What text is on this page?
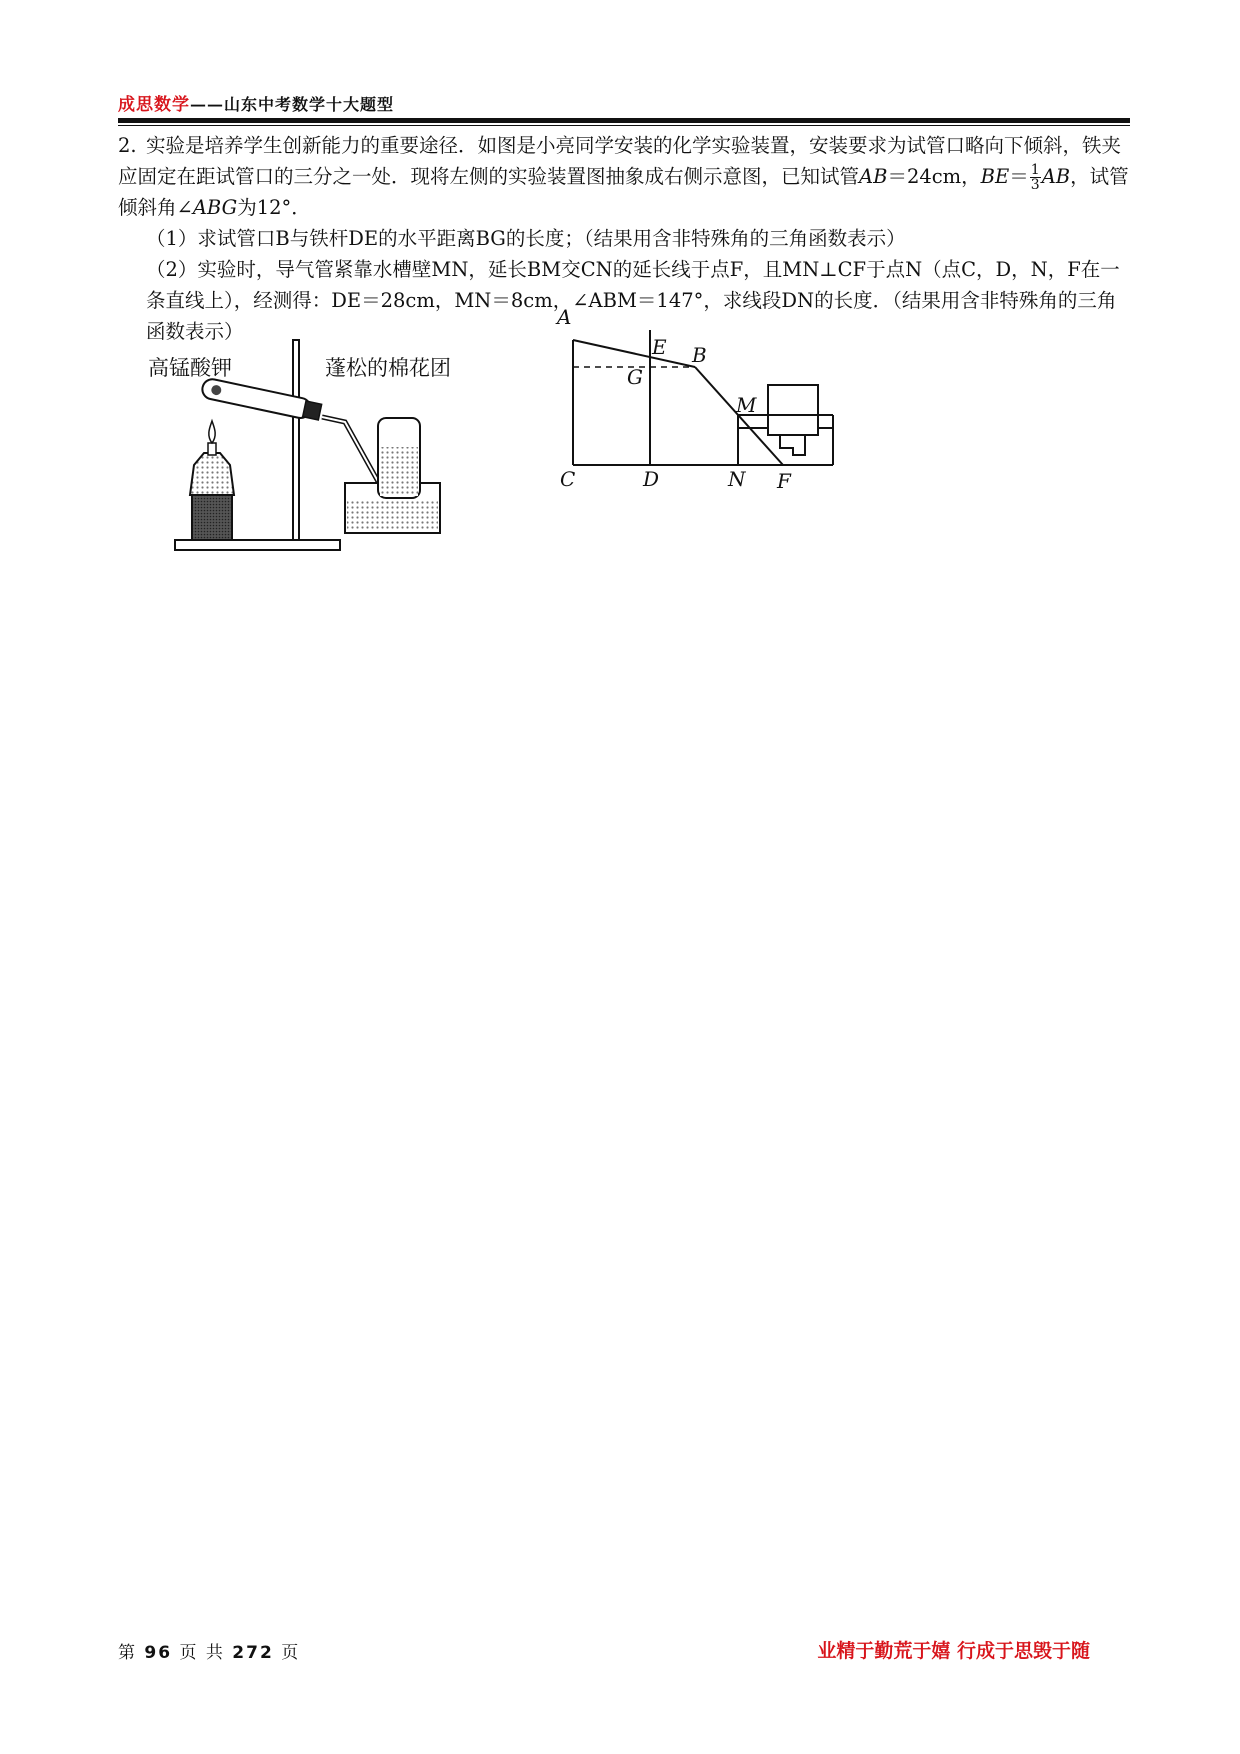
成思数学——山东中考数学十大题型

2. 实验是培养学生创新能力的重要途径．如图是小亮同学安装的化学实验装置，安装要求为试管口略向下倾斜，铁夹应固定在距试管口的三分之一处．现将左侧的实验装置图抽象成右侧示意图，已知试管AB＝24cm，$BE= \frac{1}{3}$ AB，试管倾斜角∠ABG为12°．

（1）求试管口B与铁杆DE的水平距离BG的长度；（结果用含非特殊角的三角函数表示）

（2）实验时，导气管紧靠水槽壁MN，延长BM交CN的延长线于点F，且MN⊥CF于点N（点C，D，N，F在一条直线上），经测得：DE＝28cm，MN＝8cm，∠ABM＝147°，求线段DN的长度．（结果用含非特殊角的三角函数表示）

高锰酸钾	蓬松的棉花团
A
E B
G
M
C	D	N F
第 96 页 共 272 页	业精于勤荒于嬉 行成于思毁于随
